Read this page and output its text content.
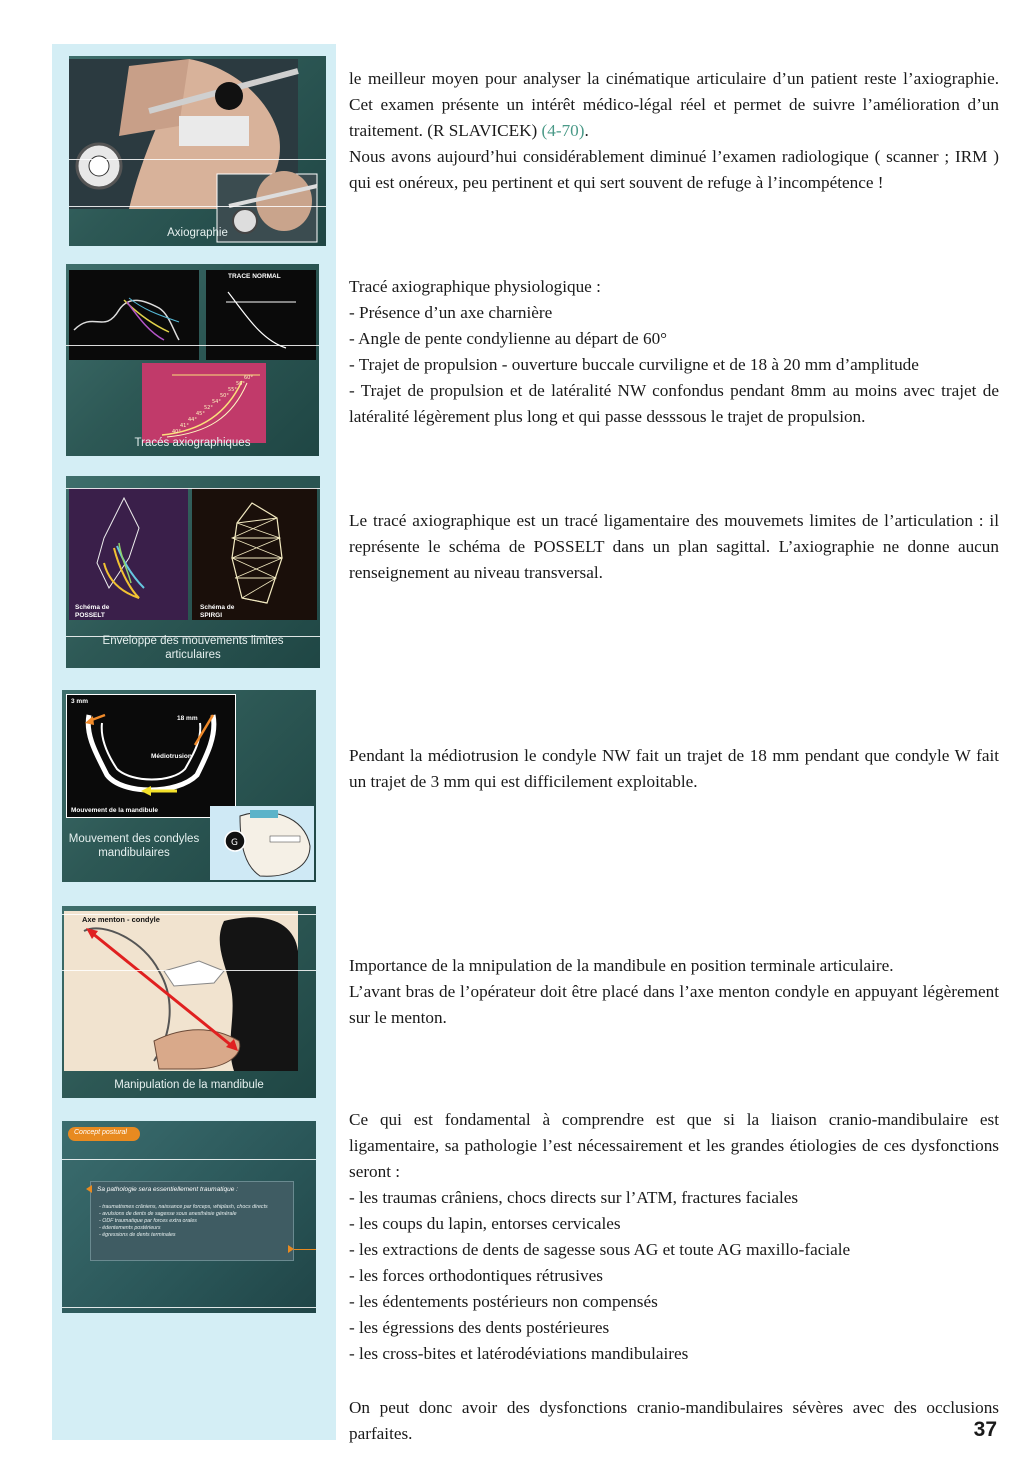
Axiographie
TRACE NORMAL
60°
56°
55°
50°
54°
52°
45°
44°
41°
40°
Tracés axiographiques
Schéma de POSSELT
Schéma de SPIRGI
Enveloppe des mouvements limites articulaires
3 mm
18 mm
Médiotrusion
Mouvement de la mandibule
G
Mouvement des condyles mandibulaires
Axe menton - condyle
Manipulation de la mandibule
Concept postural
Sa pathologie sera essentiellement traumatique :
- traumatismes crâniens, naissance par forceps, whiplash, chocs directs
- avulsions de dents de sagesse sous anesthésie générale
- ODF traumatique par forces extra orales
- édentements postérieurs
- égressions de dents terminales

le meilleur moyen pour analyser la cinématique articulaire d’un patient reste l’axiographie. Cet examen présente un intérêt médico-légal réel et permet de suivre l’amélioration d’un traitement. (R SLAVICEK) (4-70).

Nous avons aujourd’hui considérablement diminué l’examen radiologique ( scanner ; IRM ) qui est onéreux, peu pertinent et qui sert souvent de refuge à l’incompétence !

Tracé axiographique physiologique :

- Présence d’un axe charnière

- Angle de pente condylienne au départ de 60°

- Trajet de propulsion - ouverture buccale curviligne et de 18 à 20 mm d’amplitude

- Trajet de propulsion et de latéralité NW confondus pendant 8mm au moins avec trajet de latéralité légèrement plus long et qui passe desssous le trajet de propulsion.

Le tracé axiographique est un tracé ligamentaire des mouvemets limites de l’articulation : il représente le schéma de POSSELT dans un plan sagittal. L’axiographie ne donne aucun renseignement au niveau transversal.

Pendant la médiotrusion le condyle NW fait un trajet de 18 mm pendant que condyle W fait un trajet de 3 mm qui est difficilement exploitable.

Importance de la mnipulation de la mandibule en position terminale articulaire.

L’avant bras de l’opérateur doit être placé dans l’axe menton condyle en appuyant légèrement sur le menton.

Ce qui est fondamental à comprendre est que si la liaison cranio-mandibulaire est ligamentaire, sa pathologie l’est nécessairement et les grandes étiologies de ces dysfonctions seront :

- les traumas crâniens, chocs directs sur l’ATM, fractures faciales

- les coups du lapin, entorses cervicales

- les extractions de dents de sagesse sous AG et toute AG maxillo-faciale

- les forces orthodontiques rétrusives

- les édentements postérieurs non compensés

- les égressions des dents postérieures

- les cross-bites et latérodéviations mandibulaires

On peut donc avoir des dysfonctions cranio-mandibulaires sévères avec des occlusions parfaites.	37
